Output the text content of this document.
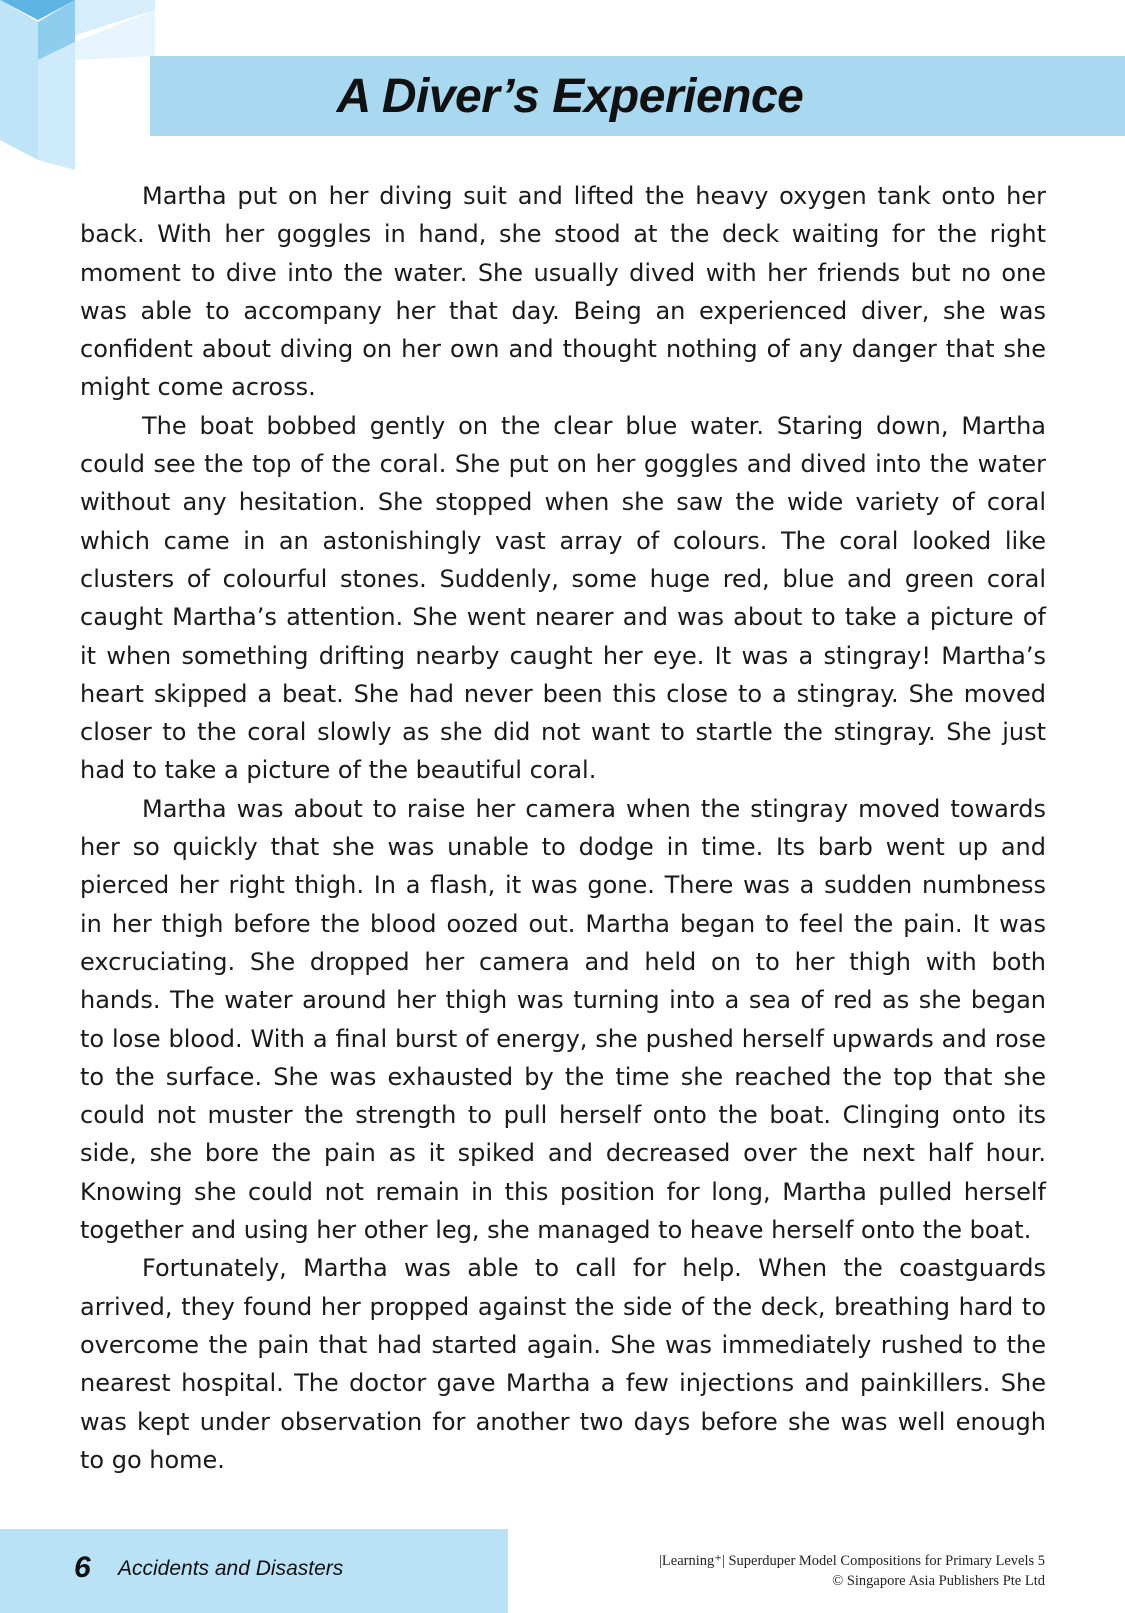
A Diver’s Experience

Martha put on her diving suit and lifted the heavy oxygen tank onto her back. With her goggles in hand, she stood at the deck waiting for the right moment to dive into the water. She usually dived with her friends but no one was able to accompany her that day. Being an experienced diver, she was confident about diving on her own and thought nothing of any danger that she might come across.

The boat bobbed gently on the clear blue water. Staring down, Martha could see the top of the coral. She put on her goggles and dived into the water without any hesitation. She stopped when she saw the wide variety of coral which came in an astonishingly vast array of colours. The coral looked like clusters of colourful stones. Suddenly, some huge red, blue and green coral caught Martha’s attention. She went nearer and was about to take a picture of it when something drifting nearby caught her eye. It was a stingray! Martha’s heart skipped a beat. She had never been this close to a stingray. She moved closer to the coral slowly as she did not want to startle the stingray. She just had to take a picture of the beautiful coral.

Martha was about to raise her camera when the stingray moved towards her so quickly that she was unable to dodge in time. Its barb went up and pierced her right thigh. In a flash, it was gone. There was a sudden numbness in her thigh before the blood oozed out. Martha began to feel the pain. It was excruciating. She dropped her camera and held on to her thigh with both hands. The water around her thigh was turning into a sea of red as she began to lose blood. With a final burst of energy, she pushed herself upwards and rose to the surface. She was exhausted by the time she reached the top that she could not muster the strength to pull herself onto the boat. Clinging onto its side, she bore the pain as it spiked and decreased over the next half hour. Knowing she could not remain in this position for long, Martha pulled herself together and using her other leg, she managed to heave herself onto the boat.

Fortunately, Martha was able to call for help. When the coastguards arrived, they found her propped against the side of the deck, breathing hard to overcome the pain that had started again. She was immediately rushed to the nearest hospital. The doctor gave Martha a few injections and painkillers. She was kept under observation for another two days before she was well enough to go home.

6 Accidents and Disasters	|Learning⁺| Superduper Model Compositions for Primary Levels 5
© Singapore Asia Publishers Pte Ltd
